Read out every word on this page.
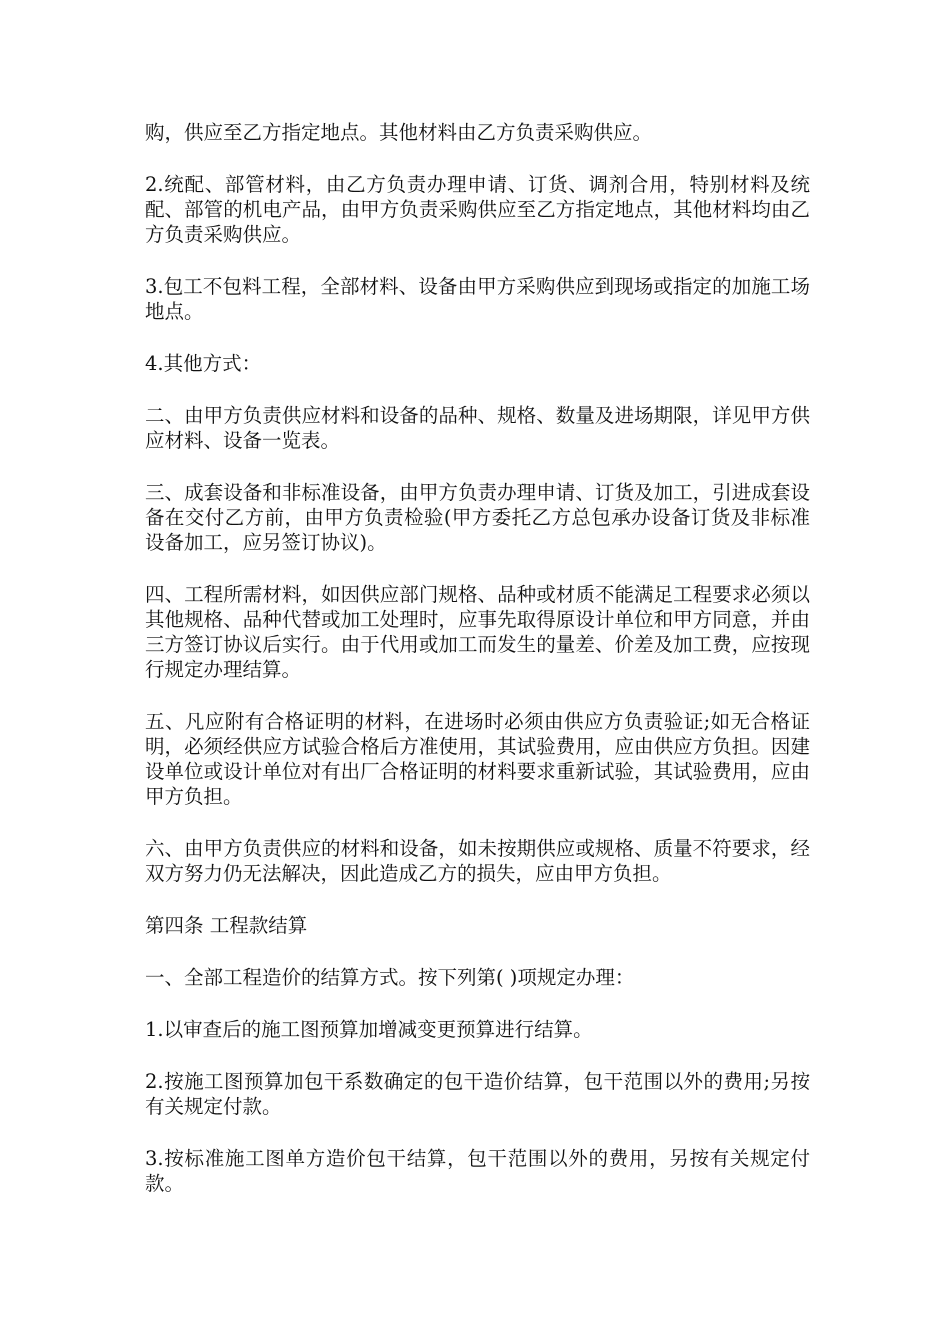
购，供应至乙方指定地点。其他材料由乙方负责采购供应。

2.统配、部管材料，由乙方负责办理申请、订货、调剂合用，特别材料及统配、部管的机电产品，由甲方负责采购供应至乙方指定地点，其他材料均由乙方负责采购供应。

3.包工不包料工程，全部材料、设备由甲方采购供应到现场或指定的加施工场地点。

4.其他方式：

二、由甲方负责供应材料和设备的品种、规格、数量及进场期限，详见甲方供应材料、设备一览表。

三、成套设备和非标准设备，由甲方负责办理申请、订货及加工，引进成套设备在交付乙方前，由甲方负责检验(甲方委托乙方总包承办设备订货及非标准设备加工，应另签订协议)。

四、工程所需材料，如因供应部门规格、品种或材质不能满足工程要求必须以其他规格、品种代替或加工处理时，应事先取得原设计单位和甲方同意，并由三方签订协议后实行。由于代用或加工而发生的量差、价差及加工费，应按现行规定办理结算。

五、凡应附有合格证明的材料，在进场时必须由供应方负责验证;如无合格证明，必须经供应方试验合格后方准使用，其试验费用，应由供应方负担。因建设单位或设计单位对有出厂合格证明的材料要求重新试验，其试验费用，应由甲方负担。

六、由甲方负责供应的材料和设备，如未按期供应或规格、质量不符要求，经双方努力仍无法解决，因此造成乙方的损失，应由甲方负担。

第四条 工程款结算

一、全部工程造价的结算方式。按下列第( )项规定办理：

1.以审查后的施工图预算加增减变更预算进行结算。

2.按施工图预算加包干系数确定的包干造价结算，包干范围以外的费用;另按有关规定付款。

3.按标准施工图单方造价包干结算，包干范围以外的费用，另按有关规定付款。
